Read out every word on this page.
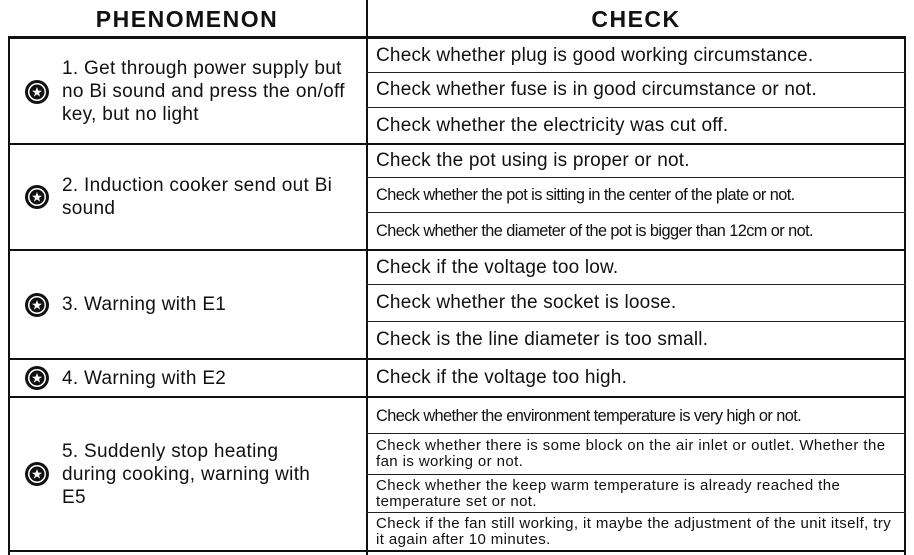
PHENOMENON	CHECK
1. Get through power supply but no Bi sound and press the on/off key, but no light
Check whether plug is good working circumstance.
Check whether fuse is in good circumstance or not.
Check whether the electricity was cut off.
2. Induction cooker send out Bi sound
Check the pot using is proper or not.
Check whether the pot is sitting in the center of the plate or not.
Check whether the diameter of the pot is bigger than 12cm or not.
3. Warning with E1
Check if the voltage too low.
Check whether the socket is loose.
Check is the line diameter is too small.
4. Warning with E2	Check if the voltage too high.
5. Suddenly stop heating during cooking, warning with E5
Check whether the environment temperature is very high or not.
Check whether there is some block on the air inlet or outlet. Whether the fan is working or not.
Check whether the keep warm temperature is already reached the temperature set or not.
Check if the fan still working, it maybe the adjustment of the unit itself, try it again after 10 minutes.
